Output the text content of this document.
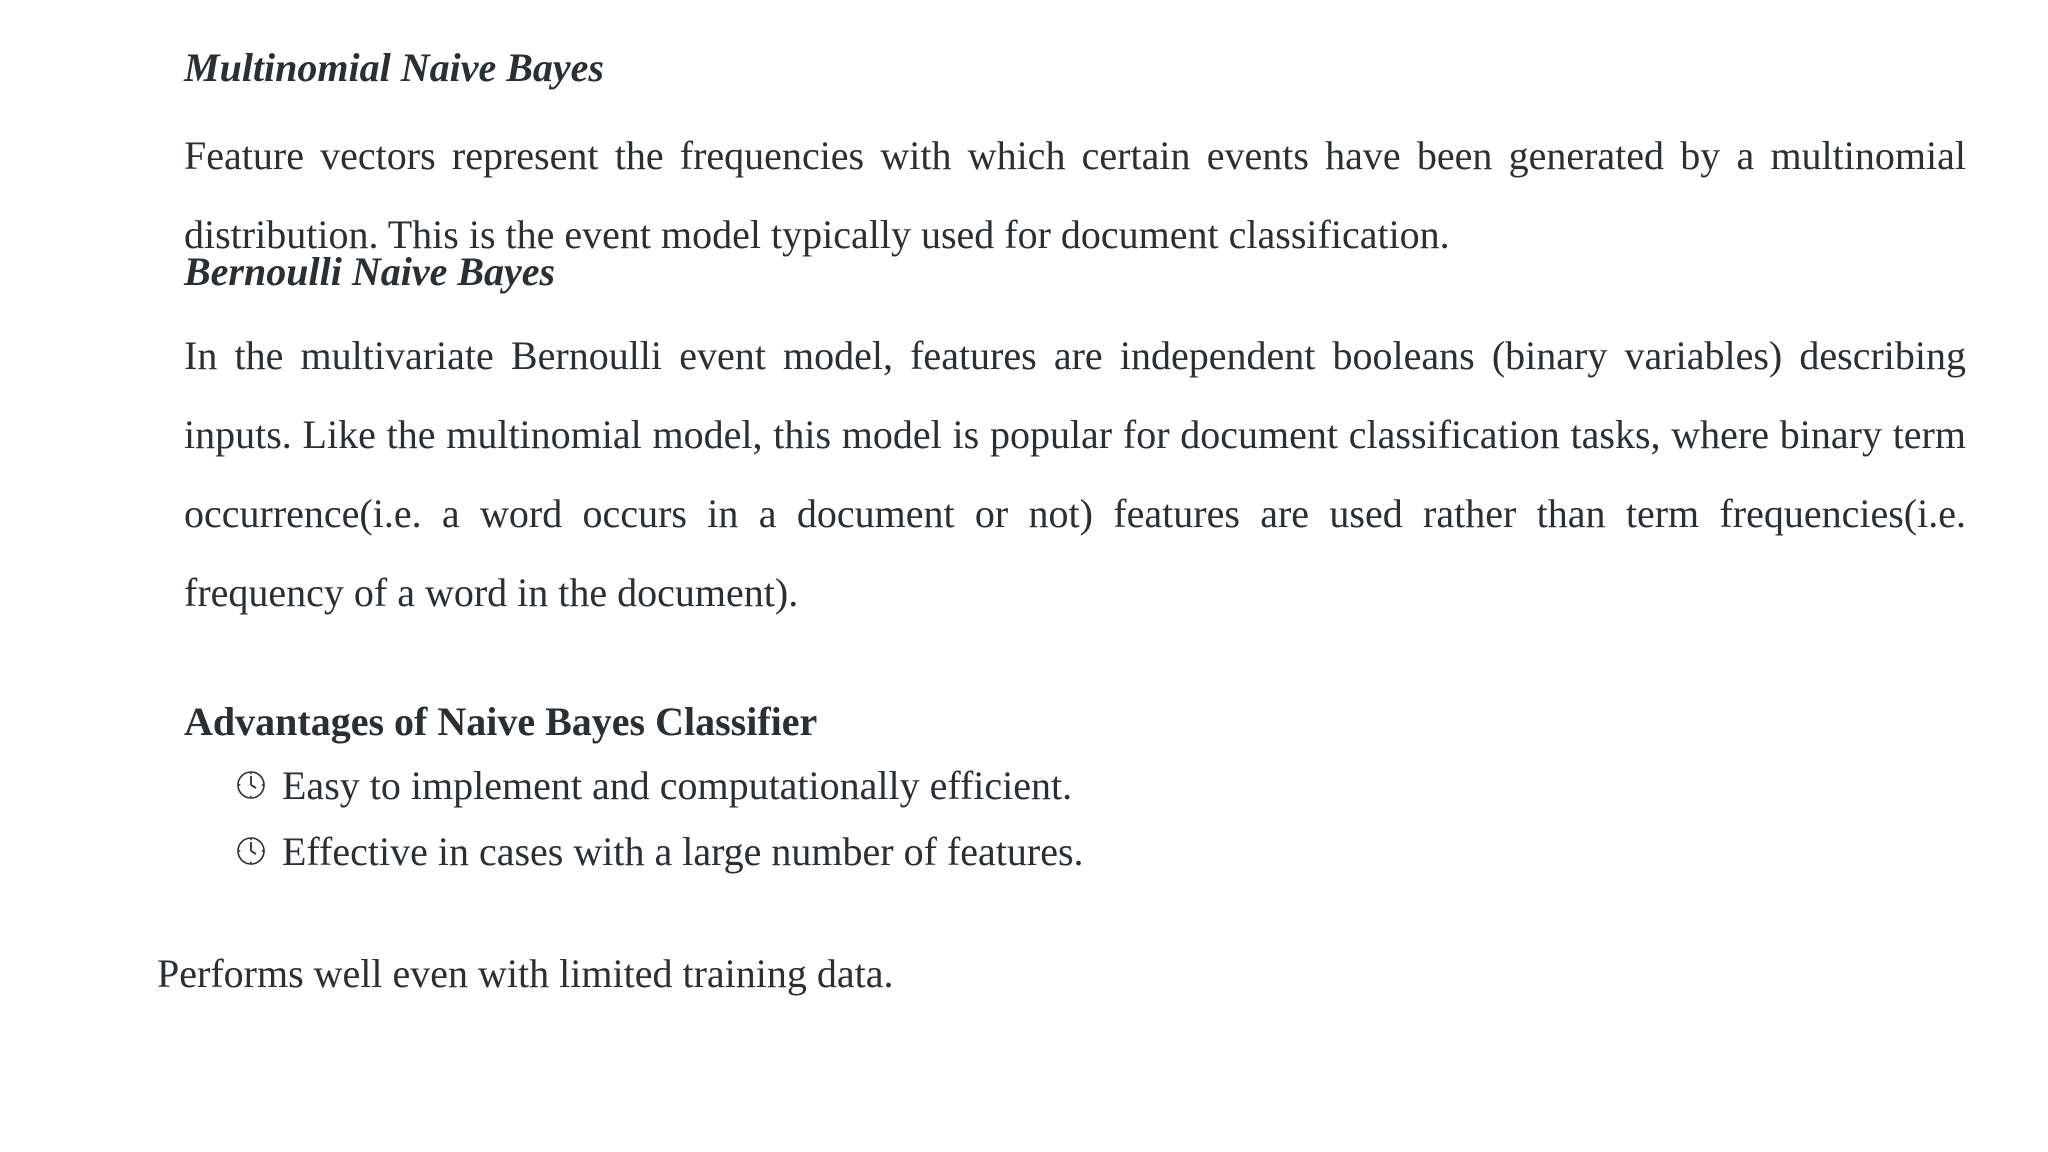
Multinomial Naive Bayes

Feature vectors represent the frequencies with which certain events have been generated by a multinomial distribution. This is the event model typically used for document classification.

Bernoulli Naive Bayes

In the multivariate Bernoulli event model, features are independent booleans (binary variables) describing inputs. Like the multinomial model, this model is popular for document classification tasks, where binary term occurrence(i.e. a word occurs in a document or not) features are used rather than term frequencies(i.e. frequency of a word in the document).

Advantages of Naive Bayes Classifier
Easy to implement and computationally efficient.
Effective in cases with a large number of features.

Performs well even with limited training data.
